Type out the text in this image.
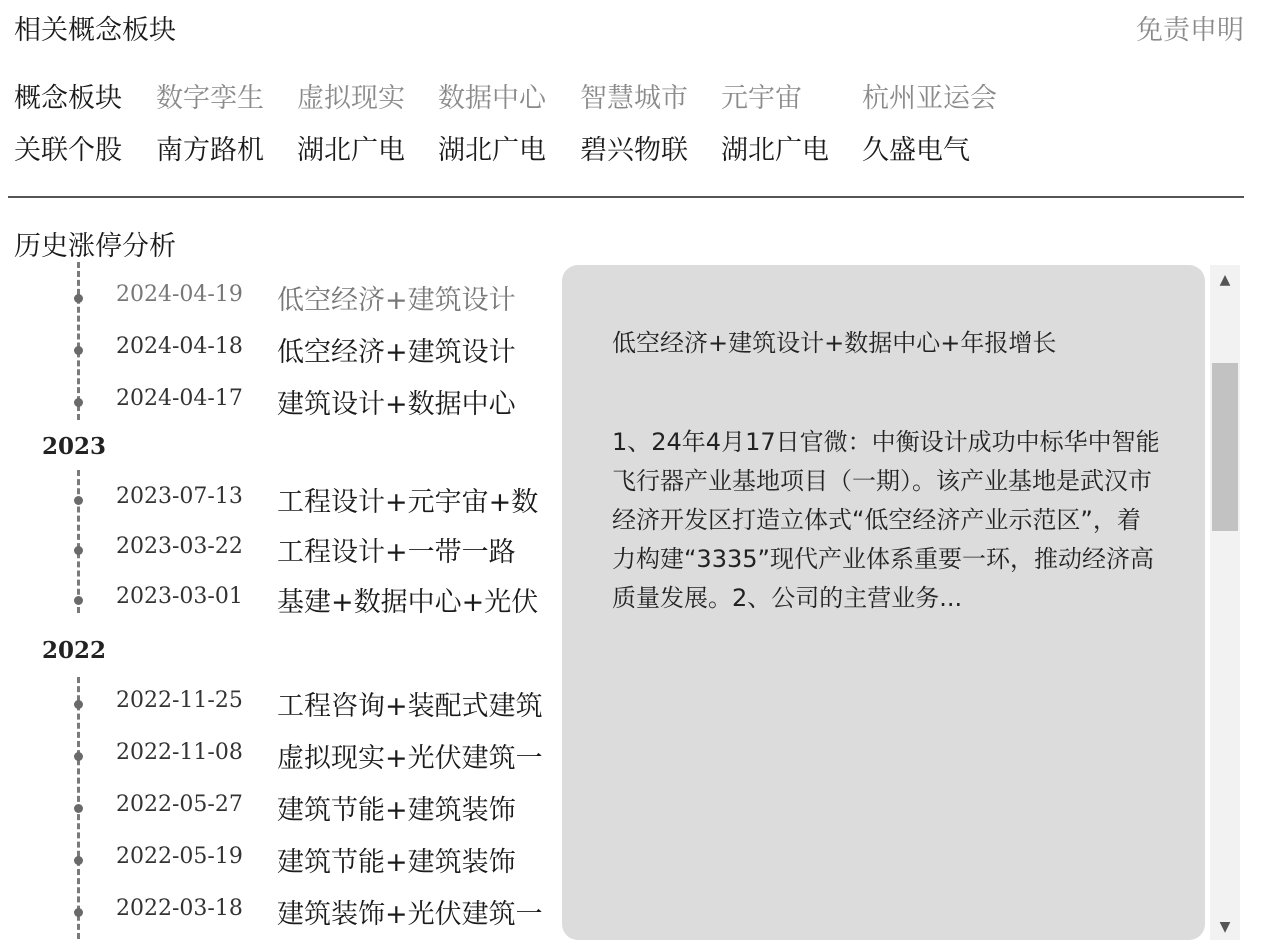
相关概念板块	免责申明
概念板块 数字孪生 虚拟现实 数据中心 智慧城市 元宇宙 杭州亚运会
关联个股 南方路机 湖北广电 湖北广电 碧兴物联 湖北广电 久盛电气
历史涨停分析
2024-04-19 低空经济+建筑设计
2024-04-18 低空经济+建筑设计
2024-04-17 建筑设计+数据中心
2023
2023-07-13 工程设计+元宇宙+数
2023-03-22 工程设计+一带一路
2023-03-01 基建+数据中心+光伏
2022
2022-11-25 工程咨询+装配式建筑
2022-11-08 虚拟现实+光伏建筑一
2022-05-27 建筑节能+建筑装饰
2022-05-19 建筑节能+建筑装饰
2022-03-18 建筑装饰+光伏建筑一
低空经济+建筑设计+数据中心+年报增长
1、24年4月17日官微：中衡设计成功中标华中智能飞行器产业基地项目（一期）。该产业基地是武汉市经济开发区打造立体式“低空经济产业示范区”，着力构建“3335”现代产业体系重要一环，推动经济高质量发展。2、公司的主营业务...
▲
▼
